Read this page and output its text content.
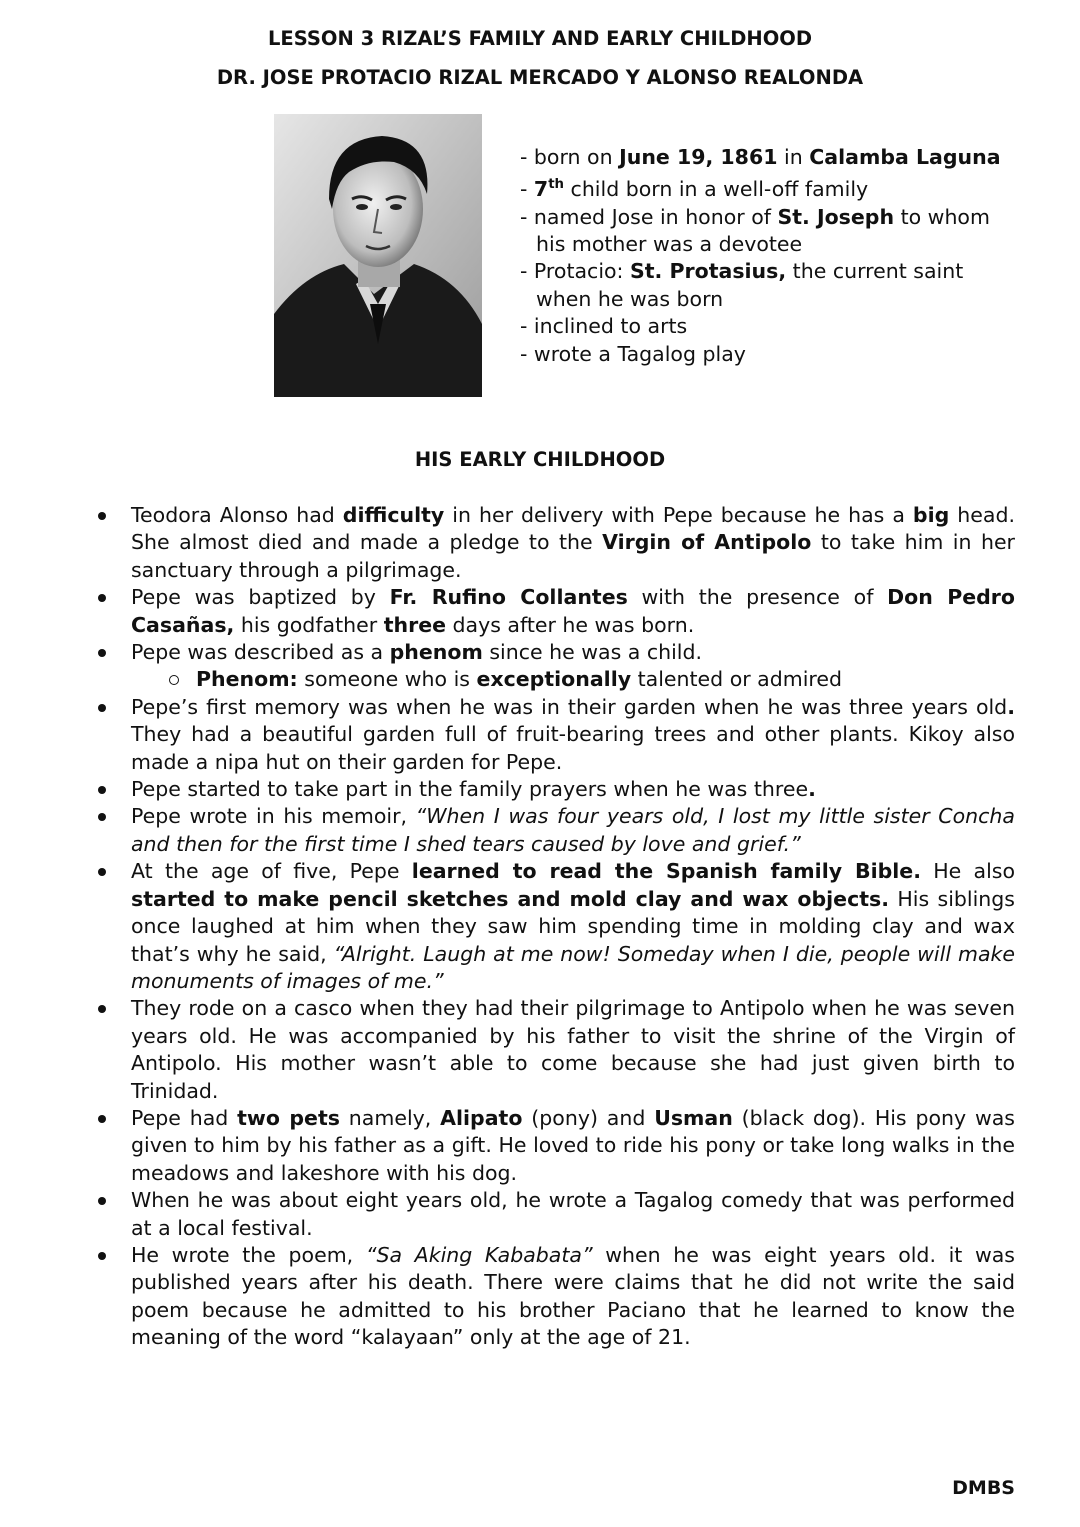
LESSON 3 RIZAL’S FAMILY AND EARLY CHILDHOOD
DR. JOSE PROTACIO RIZAL MERCADO Y ALONSO REALONDA
- born on June 19, 1861 in Calamba Laguna
- 7th child born in a well-off family
- named Jose in honor of St. Joseph to whom his mother was a devotee
- Protacio: St. Protasius, the current saint when he was born
- inclined to arts
- wrote a Tagalog play
HIS EARLY CHILDHOOD
Teodora Alonso had difficulty in her delivery with Pepe because he has a big head. She almost died and made a pledge to the Virgin of Antipolo to take him in her sanctuary through a pilgrimage.
Pepe was baptized by Fr. Rufino Collantes with the presence of Don Pedro Casañas, his godfather three days after he was born.
Pepe was described as a phenom since he was a child.
Phenom: someone who is exceptionally talented or admired
Pepe’s first memory was when he was in their garden when he was three years old. They had a beautiful garden full of fruit-bearing trees and other plants. Kikoy also made a nipa hut on their garden for Pepe.
Pepe started to take part in the family prayers when he was three.
Pepe wrote in his memoir, “When I was four years old, I lost my little sister Concha and then for the first time I shed tears caused by love and grief.”
At the age of five, Pepe learned to read the Spanish family Bible. He also started to make pencil sketches and mold clay and wax objects. His siblings once laughed at him when they saw him spending time in molding clay and wax that’s why he said, “Alright. Laugh at me now! Someday when I die, people will make monuments of images of me.”
They rode on a casco when they had their pilgrimage to Antipolo when he was seven years old. He was accompanied by his father to visit the shrine of the Virgin of Antipolo. His mother wasn’t able to come because she had just given birth to Trinidad.
Pepe had two pets namely, Alipato (pony) and Usman (black dog). His pony was given to him by his father as a gift. He loved to ride his pony or take long walks in the meadows and lakeshore with his dog.
When he was about eight years old, he wrote a Tagalog comedy that was performed at a local festival.
He wrote the poem, “Sa Aking Kababata” when he was eight years old. it was published years after his death. There were claims that he did not write the said poem because he admitted to his brother Paciano that he learned to know the meaning of the word “kalayaan” only at the age of 21.
DMBS
